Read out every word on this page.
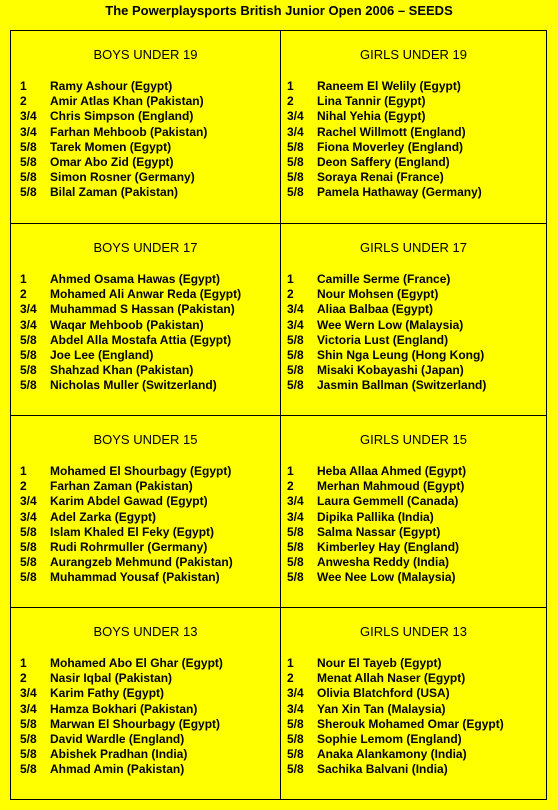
The Powerplaysports British Junior Open 2006 – SEEDS
BOYS UNDER 19
1	Ramy Ashour (Egypt)
2	Amir Atlas Khan (Pakistan)
3/4	Chris Simpson (England)
3/4	Farhan Mehboob (Pakistan)
5/8	Tarek Momen (Egypt)
5/8	Omar Abo Zid (Egypt)
5/8	Simon Rosner (Germany)
5/8	Bilal Zaman (Pakistan)
GIRLS UNDER 19
1	Raneem El Welily (Egypt)
2	Lina Tannir (Egypt)
3/4	Nihal Yehia (Egypt)
3/4	Rachel Willmott (England)
5/8	Fiona Moverley (England)
5/8	Deon Saffery (England)
5/8	Soraya Renai (France)
5/8	Pamela Hathaway (Germany)
BOYS UNDER 17
1	Ahmed Osama Hawas (Egypt)
2	Mohamed Ali Anwar Reda (Egypt)
3/4	Muhammad S Hassan (Pakistan)
3/4	Waqar Mehboob (Pakistan)
5/8	Abdel Alla Mostafa Attia (Egypt)
5/8	Joe Lee (England)
5/8	Shahzad Khan (Pakistan)
5/8	Nicholas Muller (Switzerland)
GIRLS UNDER 17
1	Camille Serme (France)
2	Nour Mohsen (Egypt)
3/4	Aliaa Balbaa (Egypt)
3/4	Wee Wern Low (Malaysia)
5/8	Victoria Lust (England)
5/8	Shin Nga Leung (Hong Kong)
5/8	Misaki Kobayashi (Japan)
5/8	Jasmin Ballman (Switzerland)
BOYS UNDER 15
1	Mohamed El Shourbagy (Egypt)
2	Farhan Zaman (Pakistan)
3/4	Karim Abdel Gawad (Egypt)
3/4	Adel Zarka (Egypt)
5/8	Islam Khaled El Feky (Egypt)
5/8	Rudi Rohrmuller (Germany)
5/8	Aurangzeb Mehmund (Pakistan)
5/8	Muhammad Yousaf (Pakistan)
GIRLS UNDER 15
1	Heba Allaa Ahmed (Egypt)
2	Merhan Mahmoud (Egypt)
3/4	Laura Gemmell (Canada)
3/4	Dipika Pallika (India)
5/8	Salma Nassar (Egypt)
5/8	Kimberley Hay (England)
5/8	Anwesha Reddy (India)
5/8	Wee Nee Low (Malaysia)
BOYS UNDER 13
1	Mohamed Abo El Ghar (Egypt)
2	Nasir Iqbal (Pakistan)
3/4	Karim Fathy (Egypt)
3/4	Hamza Bokhari (Pakistan)
5/8	Marwan El Shourbagy (Egypt)
5/8	David Wardle (England)
5/8	Abishek Pradhan (India)
5/8	Ahmad Amin (Pakistan)
GIRLS UNDER 13
1	Nour El Tayeb (Egypt)
2	Menat Allah Naser (Egypt)
3/4	Olivia Blatchford (USA)
3/4	Yan Xin Tan (Malaysia)
5/8	Sherouk Mohamed Omar (Egypt)
5/8	Sophie Lemom (England)
5/8	Anaka Alankamony (India)
5/8	Sachika Balvani (India)
